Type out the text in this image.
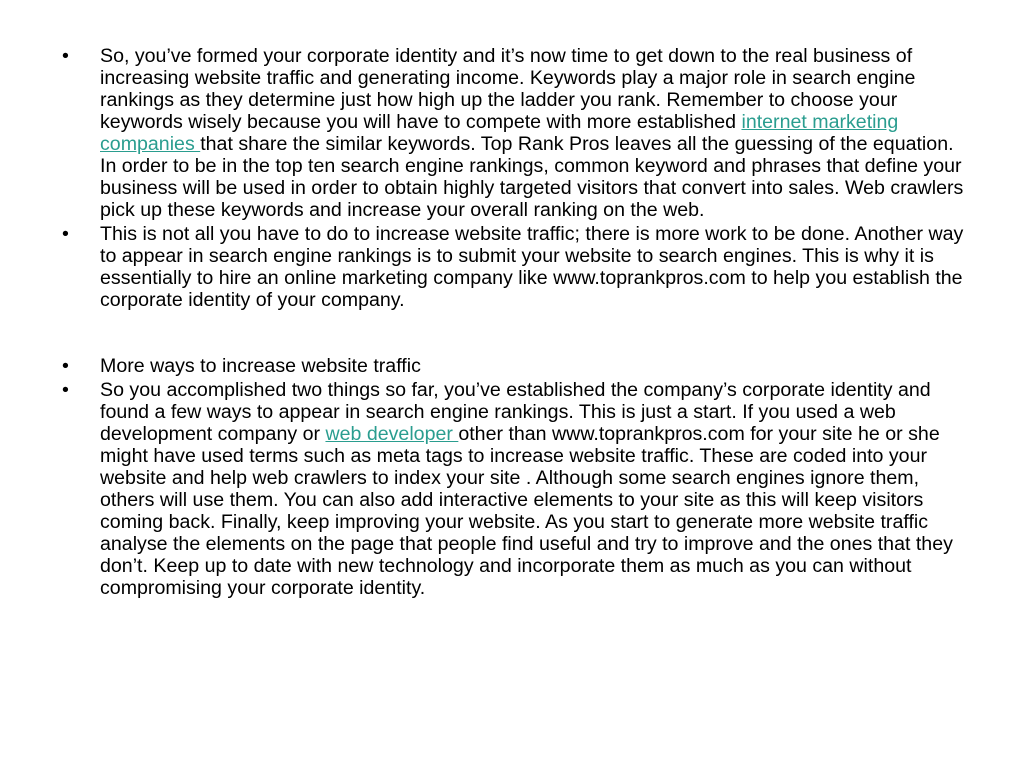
• So, you’ve formed your corporate identity and it’s now time to get down to the real business of increasing website traffic and generating income. Keywords play a major role in search engine rankings as they determine just how high up the ladder you rank. Remember to choose your keywords wisely because you will have to compete with more established internet marketing companies that share the similar keywords. Top Rank Pros leaves all the guessing of the equation. In order to be in the top ten search engine rankings, common keyword and phrases that define your business will be used in order to obtain highly targeted visitors that convert into sales. Web crawlers pick up these keywords and increase your overall ranking on the web.
• This is not all you have to do to increase website traffic; there is more work to be done. Another way to appear in search engine rankings is to submit your website to search engines. This is why it is essentially to hire an online marketing company like www.toprankpros.com to help you establish the corporate identity of your company.
• More ways to increase website traffic
• So you accomplished two things so far, you’ve established the company’s corporate identity and found a few ways to appear in search engine rankings. This is just a start. If you used a web development company or web developer other than www.toprankpros.com for your site he or she might have used terms such as meta tags to increase website traffic. These are coded into your website and help web crawlers to index your site . Although some search engines ignore them, others will use them. You can also add interactive elements to your site as this will keep visitors coming back. Finally, keep improving your website. As you start to generate more website traffic analyse the elements on the page that people find useful and try to improve and the ones that they don’t. Keep up to date with new technology and incorporate them as much as you can without compromising your corporate identity.
